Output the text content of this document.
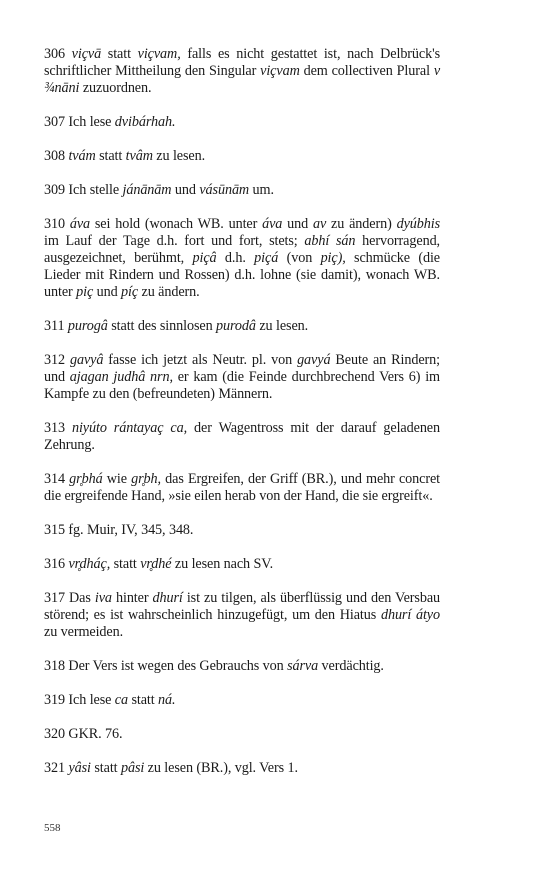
306 viçvā statt viçvam, falls es nicht gestattet ist, nach Delbrück's schriftlicher Mittheilung den Singular viçvam dem collectiven Plural v ¾nāni zuzuordnen.

307 Ich lese dvibárhah.

308 tvám statt tvâm zu lesen.

309 Ich stelle jánānām und vásūnām um.

310 áva sei hold (wonach WB. unter áva und av zu ändern) dyúbhis im Lauf der Tage d.h. fort und fort, stets; abhí sán hervorragend, ausgezeichnet, berühmt, piçâ d.h. piçá (von piç), schmücke (die Lieder mit Rindern und Rossen) d.h. lohne (sie damit), wonach WB. unter piç und píç zu ändern.

311 purogâ statt des sinnlosen purodâ zu lesen.

312 gavyâ fasse ich jetzt als Neutr. pl. von gavyá Beute an Rindern; und ajagan judhâ nrn, er kam (die Feinde durchbrechend Vers 6) im Kampfe zu den (befreundeten) Männern.

313 niyúto rántayaç ca, der Wagentross mit der darauf geladenen Zehrung.

314 gr̥bhá wie gr̥bh, das Ergreifen, der Griff (BR.), und mehr concret die ergreifende Hand, »sie eilen herab von der Hand, die sie ergreift«.

315 fg. Muir, IV, 345, 348.

316 vr̥dháç, statt vr̥dhé zu lesen nach SV.

317 Das iva hinter dhurí ist zu tilgen, als überflüssig und den Versbau störend; es ist wahrscheinlich hinzugefügt, um den Hiatus dhurí átyo zu vermeiden.

318 Der Vers ist wegen des Gebrauchs von sárva verdächtig.

319 Ich lese ca statt ná.

320 GKR. 76.

321 yâsi statt pâsi zu lesen (BR.), vgl. Vers 1.

558
